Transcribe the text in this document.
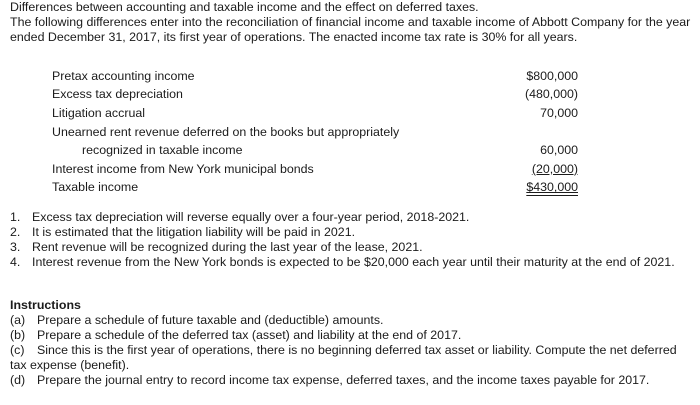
Differences between accounting and taxable income and the effect on deferred taxes.

The following differences enter into the reconciliation of financial income and taxable income of Abbott Company for the year ended December 31, 2017, its first year of operations. The enacted income tax rate is 30% for all years.

Pretax accounting income	$800,000
Excess tax depreciation	(480,000)
Litigation accrual	70,000
Unearned rent revenue deferred on the books but appropriately	
recognized in taxable income	60,000
Interest income from New York municipal bonds	(20,000)
Taxable income	$430,000
1. Excess tax depreciation will reverse equally over a four-year period, 2018-2021.
2. It is estimated that the litigation liability will be paid in 2021.
3. Rent revenue will be recognized during the last year of the lease, 2021.
4. Interest revenue from the New York bonds is expected to be $20,000 each year until their maturity at the end of 2021.

Instructions

(a) Prepare a schedule of future taxable and (deductible) amounts.

(b) Prepare a schedule of the deferred tax (asset) and liability at the end of 2017.

(c) Since this is the first year of operations, there is no beginning deferred tax asset or liability. Compute the net deferred tax expense (benefit).

(d) Prepare the journal entry to record income tax expense, deferred taxes, and the income taxes payable for 2017.
